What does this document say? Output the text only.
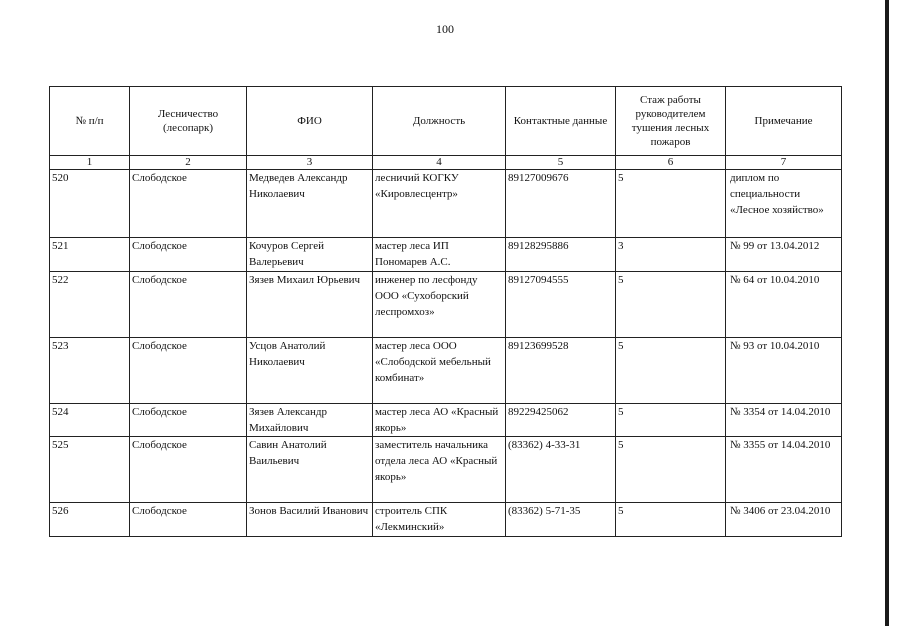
100
№ п/п	Лесничество (лесопарк)	ФИО	Должность	Контактные данные	Стаж работы руководителем тушения лесных пожаров	Примечание
1	2	3	4	5	6	7
520	Слободское	Медведев Александр Николаевич	лесничий КОГКУ «Кировлесцентр»	89127009676	5	диплом по специальности «Лесное хозяйство»
521	Слободское	Кочуров Сергей Валерьевич	мастер леса ИП Пономарев А.С.	89128295886	3	№ 99 от 13.04.2012
522	Слободское	Зязев Михаил Юрьевич	инженер по лесфонду ООО «Сухоборский леспромхоз»	89127094555	5	№ 64 от 10.04.2010
523	Слободское	Усцов Анатолий Николаевич	мастер леса ООО «Слободской мебельный комбинат»	89123699528	5	№ 93 от 10.04.2010
524	Слободское	Зязев Александр Михайлович	мастер леса АО «Красный якорь»	89229425062	5	№ 3354 от 14.04.2010
525	Слободское	Савин Анатолий Ваильевич	заместитель начальника отдела леса АО «Красный якорь»	(83362) 4-33-31	5	№ 3355 от 14.04.2010
526	Слободское	Зонов Василий Иванович	строитель СПК «Лекминский»	(83362) 5-71-35	5	№ 3406 от 23.04.2010
